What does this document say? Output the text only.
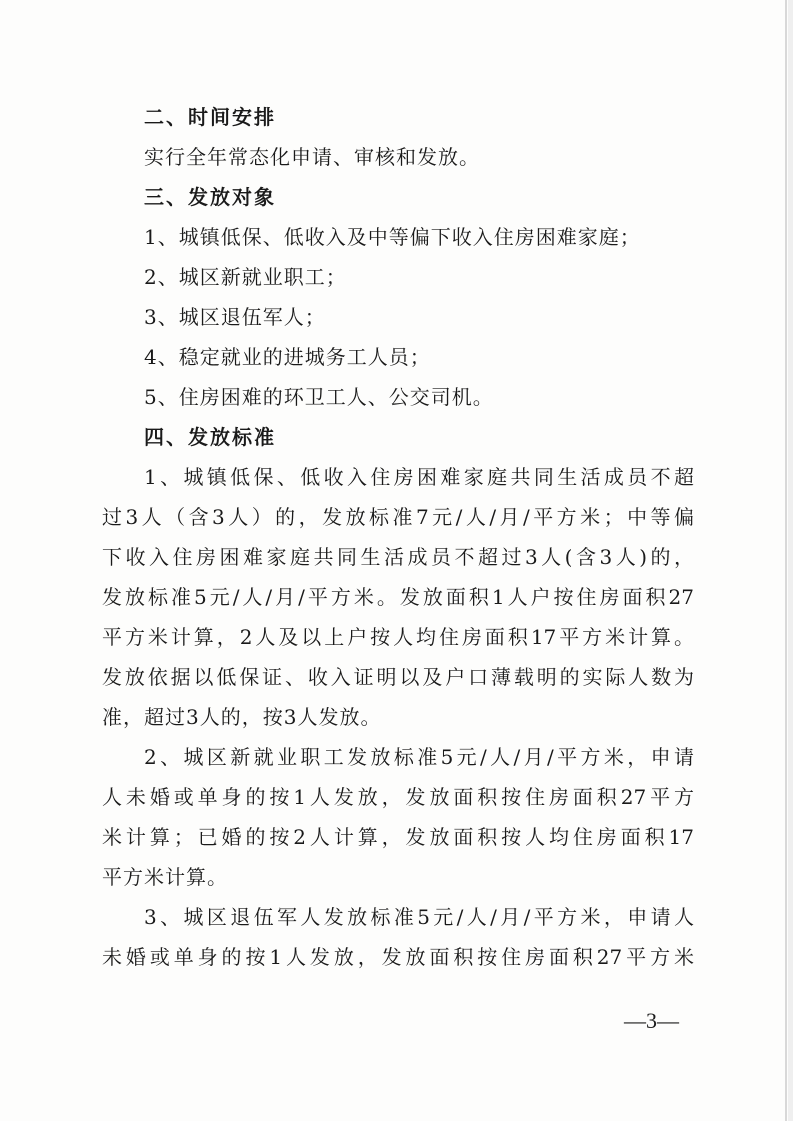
二、时间安排
实行全年常态化申请、审核和发放。
三、发放对象
1、城镇低保、低收入及中等偏下收入住房困难家庭；
2、城区新就业职工；
3、城区退伍军人；
4、稳定就业的进城务工人员；
5、住房困难的环卫工人、公交司机。
四、发放标准
1、城镇低保、低收入住房困难家庭共同生活成员不超
过3人（含3人）的，发放标准7元/人/月/平方米；中等偏
下收入住房困难家庭共同生活成员不超过3人(含3人)的，
发放标准5元/人/月/平方米。发放面积1人户按住房面积27
平方米计算，2人及以上户按人均住房面积17平方米计算。
发放依据以低保证、收入证明以及户口薄载明的实际人数为
准，超过3人的，按3人发放。
2、城区新就业职工发放标准5元/人/月/平方米，申请
人未婚或单身的按1人发放，发放面积按住房面积27平方
米计算；已婚的按2人计算，发放面积按人均住房面积17
平方米计算。
3、城区退伍军人发放标准5元/人/月/平方米，申请人
未婚或单身的按1人发放，发放面积按住房面积27平方米
—3—
